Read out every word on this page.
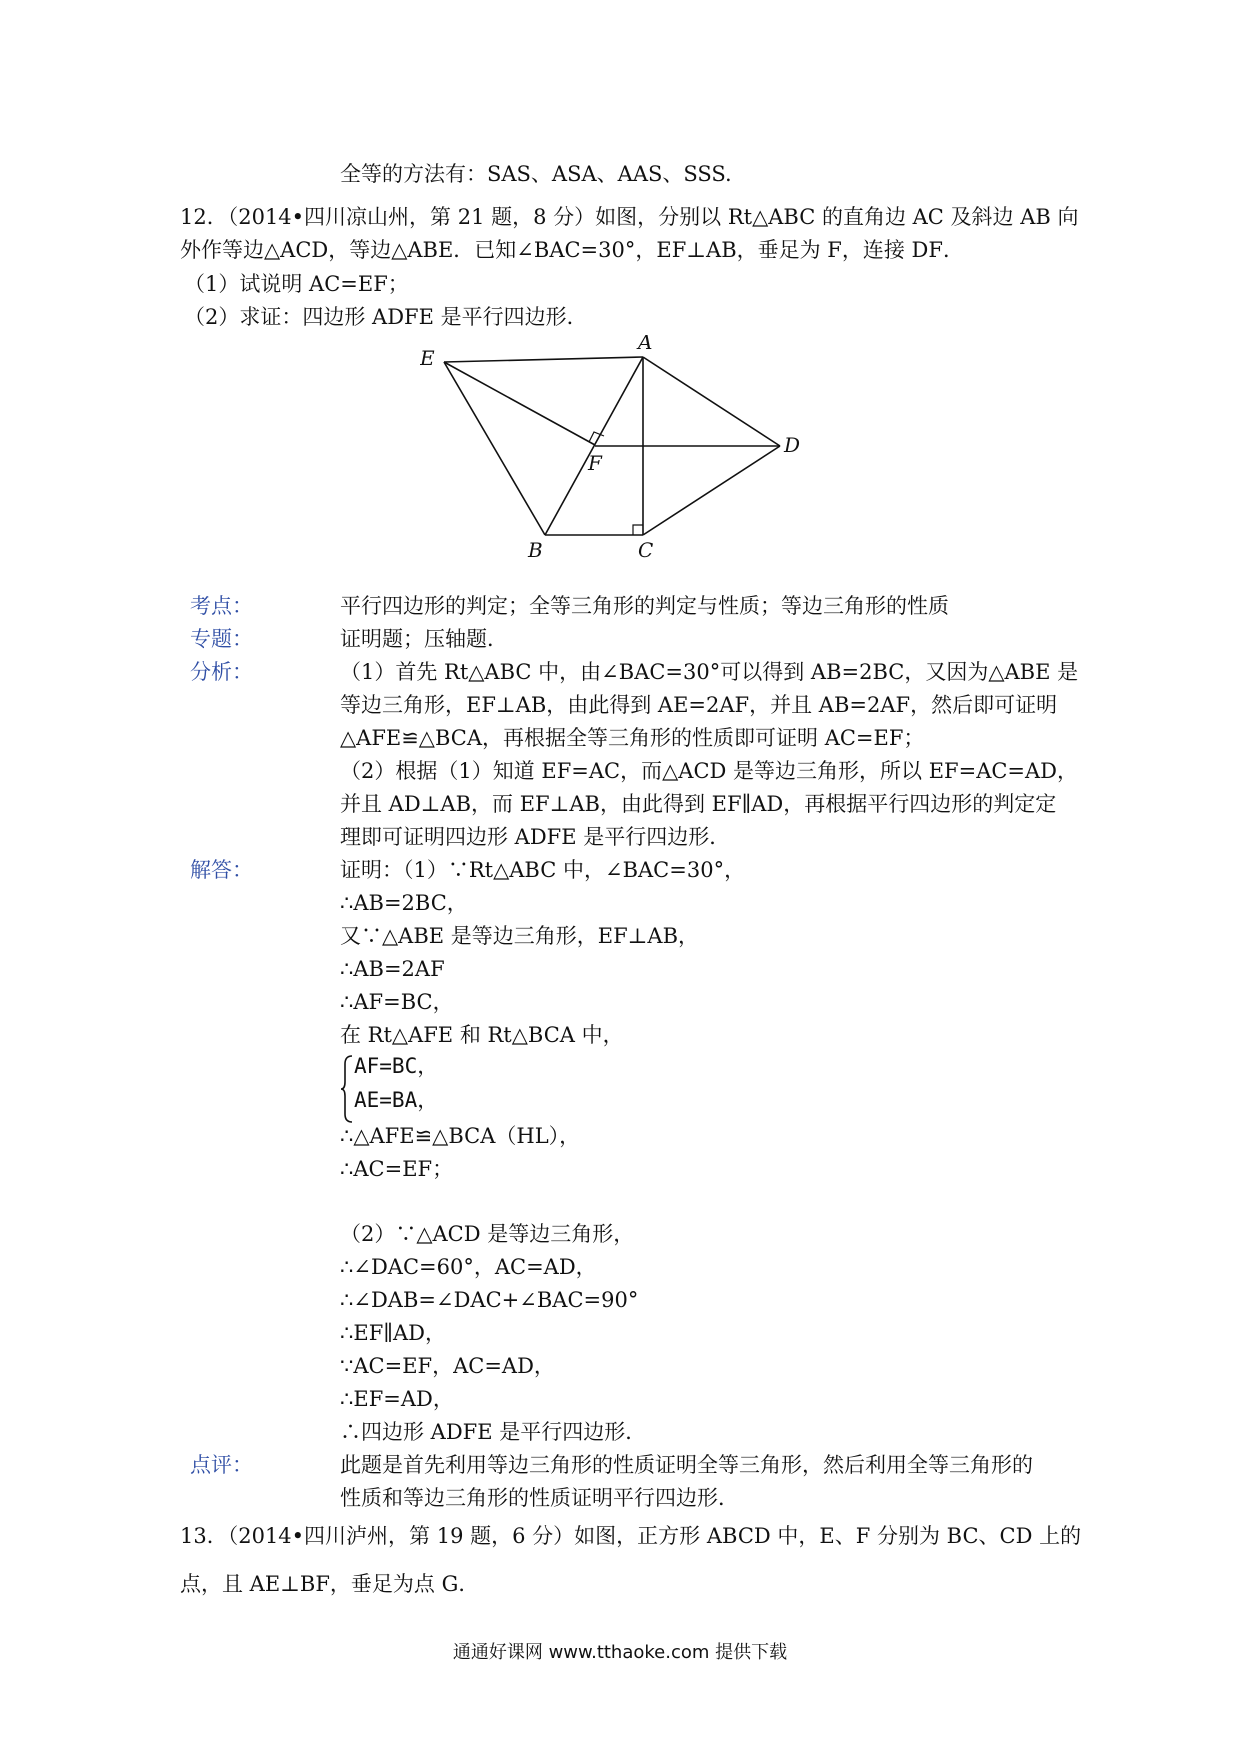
全等的方法有：SAS、ASA、AAS、SSS.
12．（2014•四川凉山州，第 21 题，8 分）如图，分别以 Rt△ABC 的直角边 AC 及斜边 AB 向
外作等边△ACD，等边△ABE．已知∠BAC=30°，EF⊥AB，垂足为 F，连接 DF．
（1）试说明 AC=EF；
（2）求证：四边形 ADFE 是平行四边形．
E
A
F
D
B	C
考点：	平行四边形的判定；全等三角形的判定与性质；等边三角形的性质
专题：	证明题；压轴题．
分析：	（1）首先 Rt△ABC 中，由∠BAC=30°可以得到 AB=2BC，又因为△ABE 是
等边三角形，EF⊥AB，由此得到 AE=2AF，并且 AB=2AF，然后即可证明
△AFE≌△BCA，再根据全等三角形的性质即可证明 AC=EF；
（2）根据（1）知道 EF=AC，而△ACD 是等边三角形，所以 EF=AC=AD，
并且 AD⊥AB，而 EF⊥AB，由此得到 EF∥AD，再根据平行四边形的判定定
理即可证明四边形 ADFE 是平行四边形．
解答：	证明：（1）∵Rt△ABC 中，∠BAC=30°，
∴AB=2BC，
又∵△ABE 是等边三角形，EF⊥AB，
∴AB=2AF
∴AF=BC，
在 Rt△AFE 和 Rt△BCA 中，
AF=BC，
AE=BA，
∴△AFE≌△BCA（HL），
∴AC=EF；
（2）∵△ACD 是等边三角形，
∴∠DAC=60°，AC=AD，
∴∠DAB=∠DAC+∠BAC=90°
∴EF∥AD，
∵AC=EF，AC=AD，
∴EF=AD，
∴四边形 ADFE 是平行四边形．
点评：	此题是首先利用等边三角形的性质证明全等三角形，然后利用全等三角形的
性质和等边三角形的性质证明平行四边形．
13．（2014•四川泸州，第 19 题，6 分）如图，正方形 ABCD 中，E、F 分别为 BC、CD 上的
点，且 AE⊥BF，垂足为点 G．
通通好课网 www.tthaoke.com 提供下载
